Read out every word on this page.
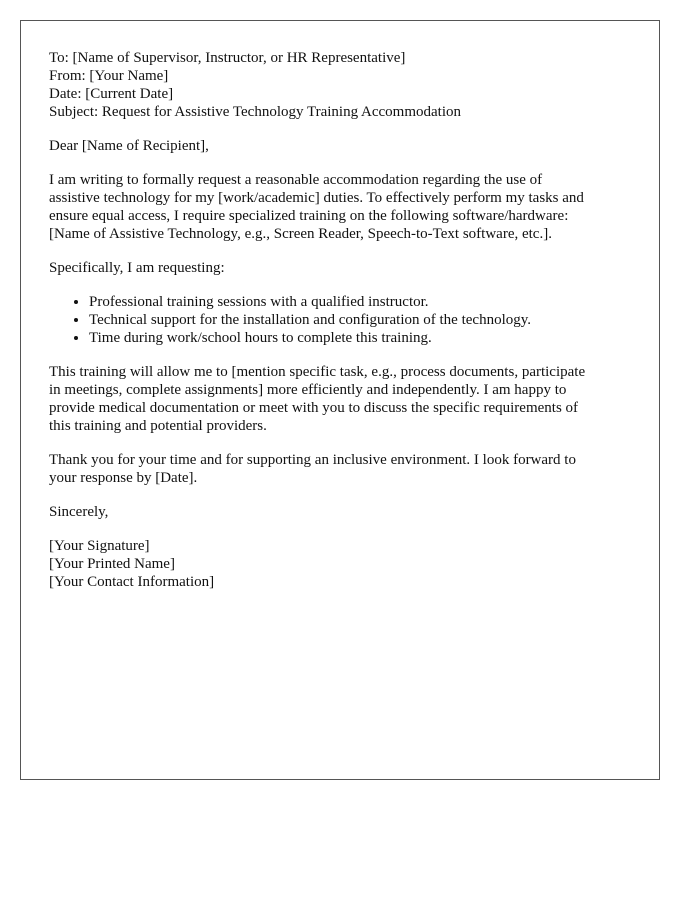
To: [Name of Supervisor, Instructor, or HR Representative]
From: [Your Name]
Date: [Current Date]
Subject: Request for Assistive Technology Training Accommodation

Dear [Name of Recipient],

I am writing to formally request a reasonable accommodation regarding the use of
assistive technology for my [work/academic] duties. To effectively perform my tasks and
ensure equal access, I require specialized training on the following software/hardware:
[Name of Assistive Technology, e.g., Screen Reader, Speech-to-Text software, etc.].

Specifically, I am requesting:

• Professional training sessions with a qualified instructor.
• Technical support for the installation and configuration of the technology.
• Time during work/school hours to complete this training.

This training will allow me to [mention specific task, e.g., process documents, participate
in meetings, complete assignments] more efficiently and independently. I am happy to
provide medical documentation or meet with you to discuss the specific requirements of
this training and potential providers.

Thank you for your time and for supporting an inclusive environment. I look forward to
your response by [Date].

Sincerely,

[Your Signature]
[Your Printed Name]
[Your Contact Information]
